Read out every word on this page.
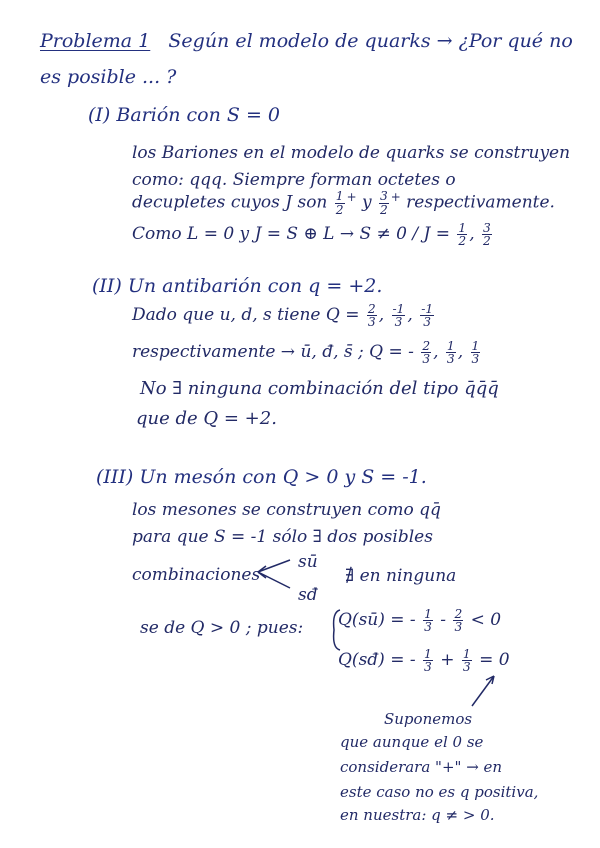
Problema 1 Según el modelo de quarks → ¿Por qué no
es posible ... ?
(I) Barión con S = 0
los Bariones en el modelo de quarks se construyen
como: qqq. Siempre forman octetes o
decupletes cuyos J son $\frac{1}{2} ^+$ y $\frac{3}{2} ^+$ respectivamente.
Como L = 0 y J = S ⊕ $L \to S \ne 0 / J = \frac{1}{2}$ , $\frac{3}{2}$
(II) Un antibarión con q = +2.
Dado que u, d, s tiene $Q = \frac{2}{3}$ , $\frac{-1}{3}$ , $\frac{-1}{3}$
respectivamente → ū, đ, s̄ ; Q = - $\frac{2}{3}$ , $\frac{1}{3}$ , $\frac{1}{3}$
No ∃ ninguna combinación del tipo q̄q̄q̄
que de Q = +2.
(III) Un mesón con Q > 0 y S = -1.
los mesones se construyen como qq̄
para que S = -1 sólo ∃ dos posibles
combinaciones
sū
sđ
∄ en ninguna
se de Q > 0 ; pues: Q(sū) = - $\frac{1}{3} - \frac{2}{3} < 0$
Q(sđ) = - $\frac{1}{3} + \frac{1}{3} = 0$
Suponemos
que aunque el 0 se
considerara "+" → en
este caso no es q positiva,
en nuestra: q ≠ > 0.
